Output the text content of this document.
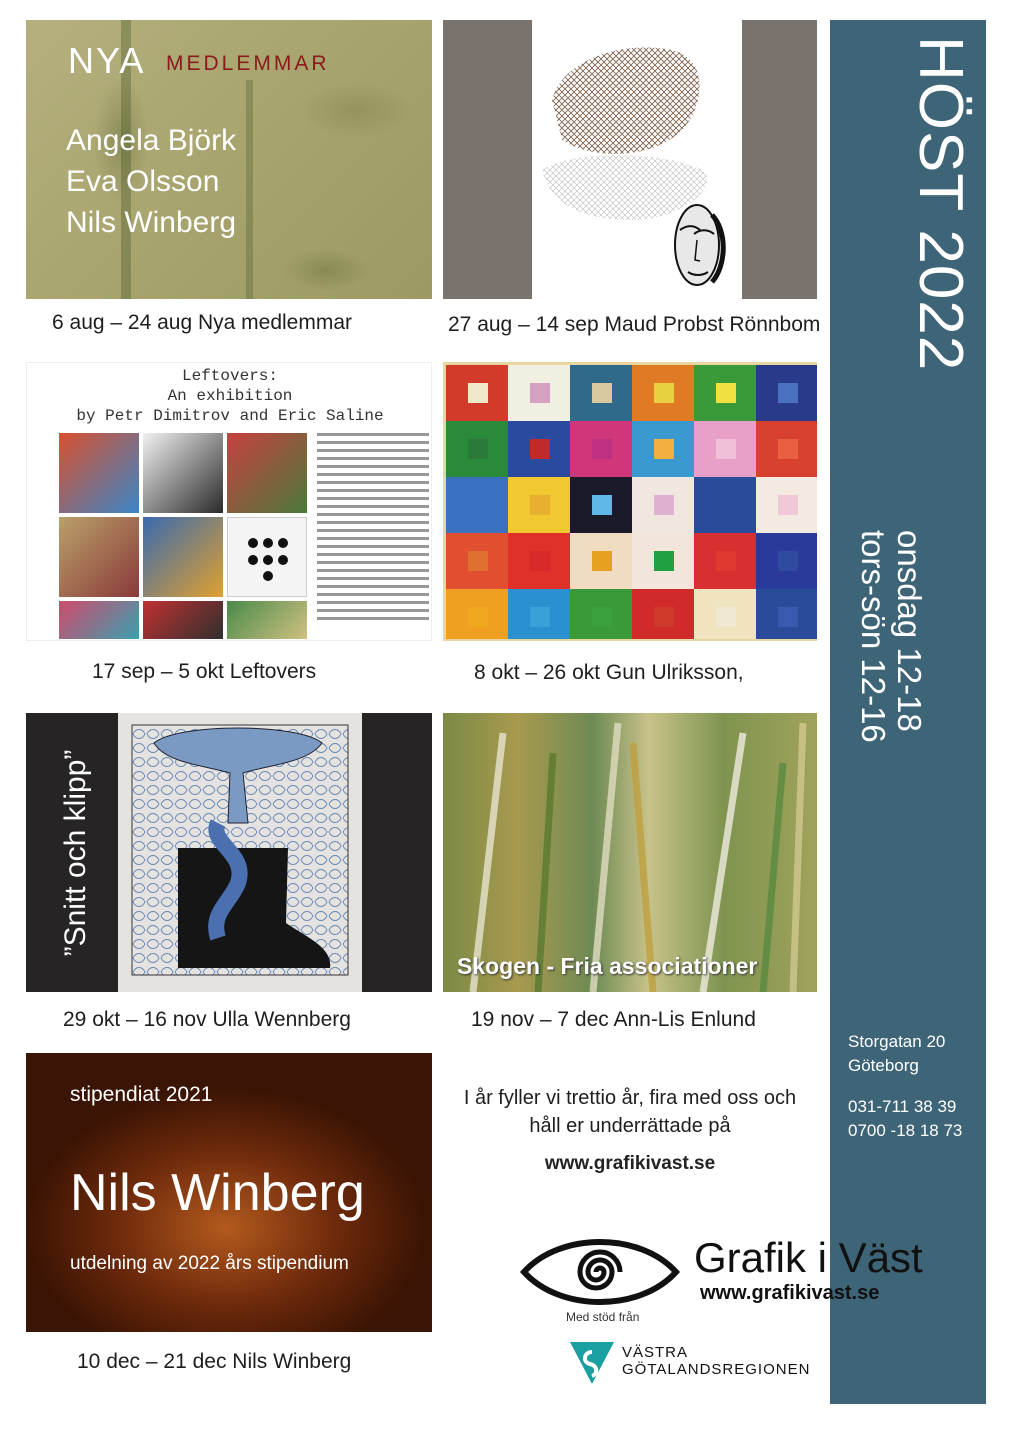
NYA MEDLEMMAR
Angela Björk
Eva Olsson
Nils Winberg
6 aug – 24 aug Nya medlemmar	27 aug – 14 sep Maud Probst Rönnbom
Leftovers:
An exhibition
by Petr Dimitrov and Eric Saline
17 sep – 5 okt Leftovers	8 okt – 26 okt Gun Ulriksson,
”Snitt och klipp”
29 okt – 16 nov Ulla Wennberg
Skogen - Fria associationer
19 nov – 7 dec Ann-Lis Enlund
stipendiat 2021
Nils Winberg
utdelning av 2022 års stipendium
10 dec – 21 dec Nils Winberg
I år fyller vi trettio år, fira med oss och
håll er underrättade på
www.grafikivast.se
HÖST 2022
onsdag 12-18
tors-sön 12-16
Storgatan 20
Göteborg
031-711 38 39
0700 -18 18 73
Grafik i Väst
www.grafikivast.se
Med stöd från
VÄSTRA
GÖTALANDSREGIONEN
